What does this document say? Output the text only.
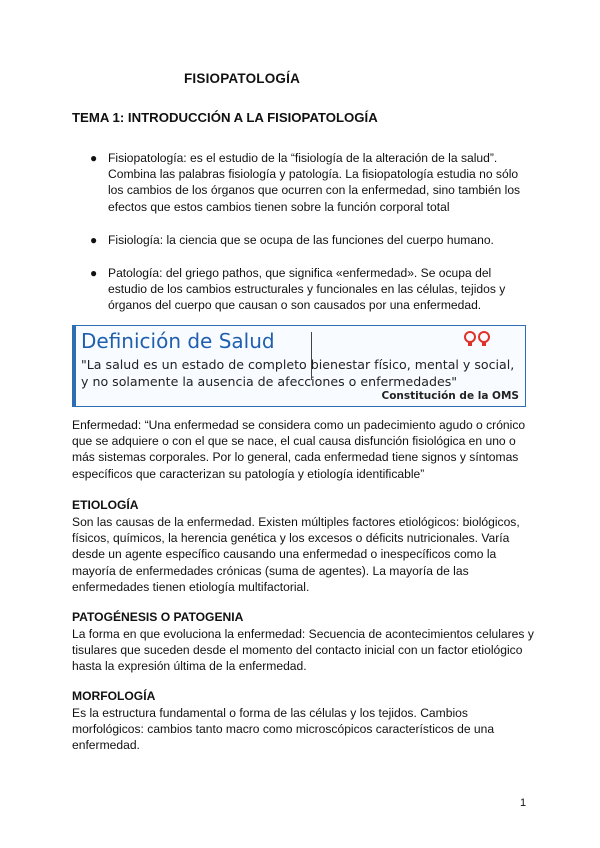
FISIOPATOLOGÍA
TEMA 1: INTRODUCCIÓN A LA FISIOPATOLOGÍA
● Fisiopatología: es el estudio de la “fisiología de la alteración de la salud”. Combina las palabras fisiología y patología. La fisiopatología estudia no sólo los cambios de los órganos que ocurren con la enfermedad, sino también los efectos que estos cambios tienen sobre la función corporal total
● Fisiología: la ciencia que se ocupa de las funciones del cuerpo humano.
● Patología: del griego pathos, que significa «enfermedad». Se ocupa del estudio de los cambios estructurales y funcionales en las células, tejidos y órganos del cuerpo que causan o son causados por una enfermedad.
Definición de Salud
"La salud es un estado de completo bienestar físico, mental y social, y no solamente la ausencia de afecciones o enfermedades"
Constitución de la OMS
Enfermedad: “Una enfermedad se considera como un padecimiento agudo o crónico que se adquiere o con el que se nace, el cual causa disfunción fisiológica en uno o más sistemas corporales. Por lo general, cada enfermedad tiene signos y síntomas específicos que caracterizan su patología y etiología identificable”
ETIOLOGÍA
Son las causas de la enfermedad. Existen múltiples factores etiológicos: biológicos, físicos, químicos, la herencia genética y los excesos o déficits nutricionales. Varía desde un agente específico causando una enfermedad o inespecíficos como la mayoría de enfermedades crónicas (suma de agentes). La mayoría de las enfermedades tienen etiología multifactorial.
PATOGÉNESIS O PATOGENIA
La forma en que evoluciona la enfermedad: Secuencia de acontecimientos celulares y tisulares que suceden desde el momento del contacto inicial con un factor etiológico hasta la expresión última de la enfermedad.
MORFOLOGÍA
Es la estructura fundamental o forma de las células y los tejidos. Cambios morfológicos: cambios tanto macro como microscópicos característicos de una enfermedad.
1
